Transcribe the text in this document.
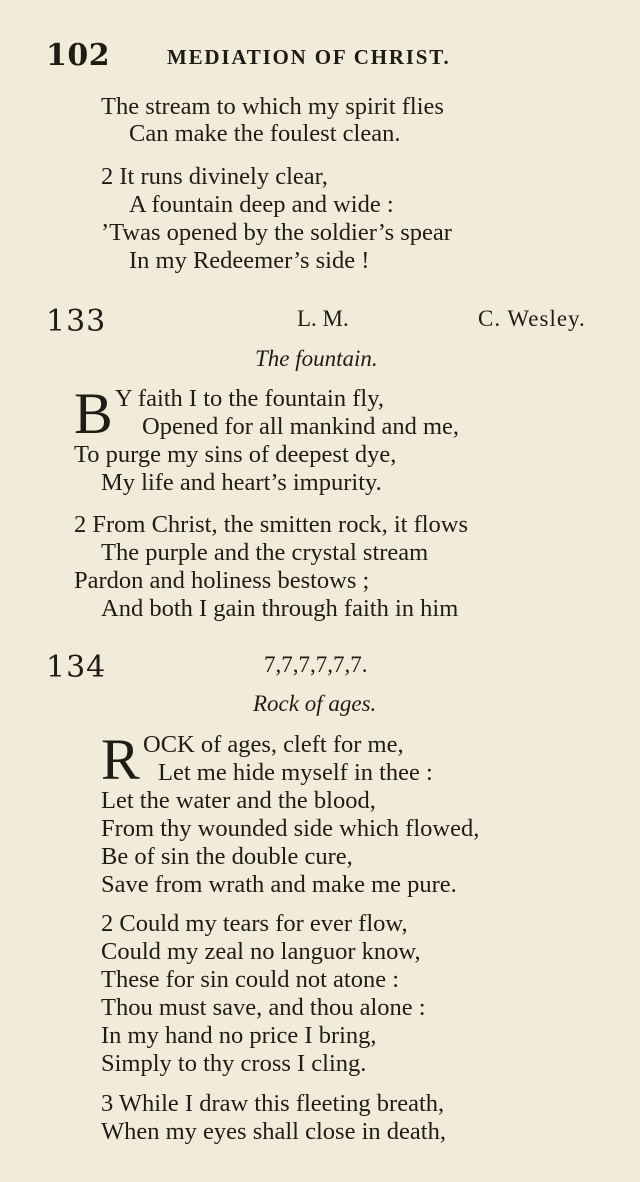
102	MEDIATION OF CHRIST.
The stream to which my spirit flies
Can make the foulest clean.
2 It runs divinely clear,
A fountain deep and wide :
’Twas opened by the soldier’s spear
In my Redeemer’s side !
133	L. M.	C. Wesley.
The fountain.
B Y faith I to the fountain fly,
Opened for all mankind and me,
To purge my sins of deepest dye,
My life and heart’s impurity.
2 From Christ, the smitten rock, it flows
The purple and the crystal stream
Pardon and holiness bestows ;
And both I gain through faith in him
134	7,7,7,7,7,7.
Rock of ages.
R OCK of ages, cleft for me,
Let me hide myself in thee :
Let the water and the blood,
From thy wounded side which flowed,
Be of sin the double cure,
Save from wrath and make me pure.
2 Could my tears for ever flow,
Could my zeal no languor know,
These for sin could not atone :
Thou must save, and thou alone :
In my hand no price I bring,
Simply to thy cross I cling.
3 While I draw this fleeting breath,
When my eyes shall close in death,
